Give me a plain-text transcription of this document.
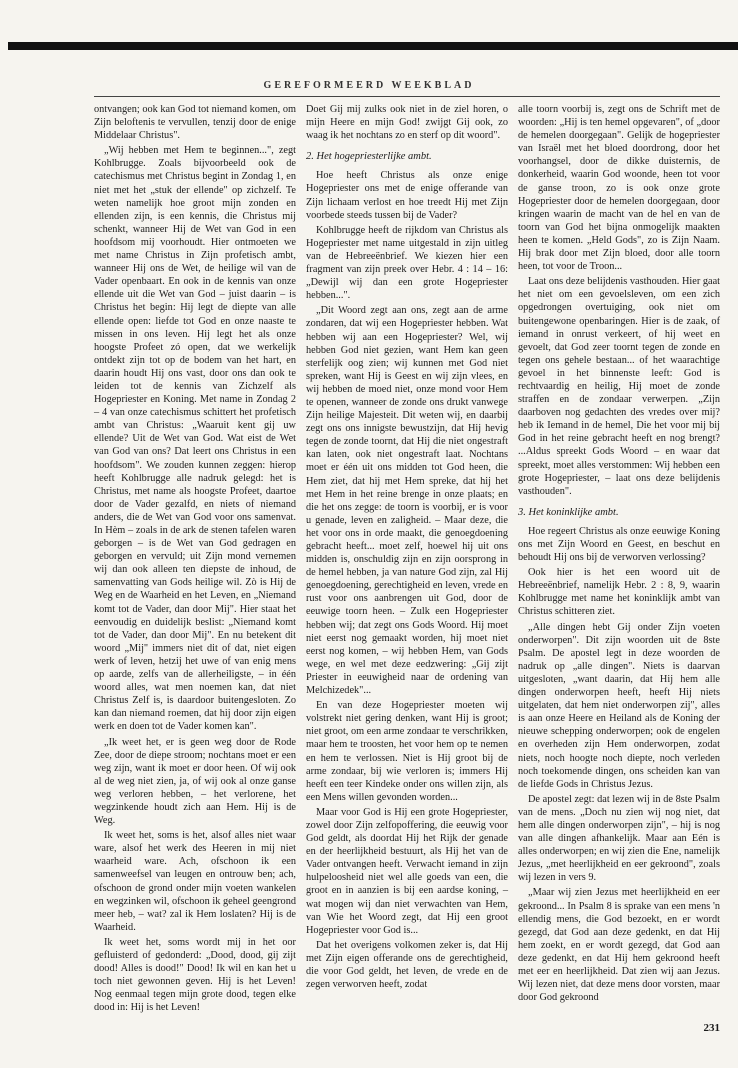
GEREFORMEERD WEEKBLAD

ontvangen; ook kan God tot niemand komen, om Zijn beloftenis te vervullen, tenzij door de enige Middelaar Christus".

„Wij hebben met Hem te beginnen...", zegt Kohlbrugge. Zoals bijvoorbeeld ook de catechismus met Christus begint in Zondag 1, en niet met het „stuk der ellende" op zichzelf. Te weten namelijk hoe groot mijn zonden en ellenden zijn, is een kennis, die Christus mij schenkt, wanneer Hij de Wet van God in een hoofdsom mij voorhoudt. Hier ontmoeten we met name Christus in Zijn profetisch ambt, wanneer Hij ons de Wet, de heilige wil van de Vader openbaart. En ook in de kennis van onze ellende uit die Wet van God – juist daarin – is Christus het begin: Hij legt de diepte van alle ellende open: liefde tot God en onze naaste te missen in ons leven. Hij legt het als onze hoogste Profeet zó open, dat we werkelijk ontdekt zijn tot op de bodem van het hart, en daarin houdt Hij ons vast, door ons dan ook te leiden tot de kennis van Zichzelf als Hogepriester en Koning. Met name in Zondag 2 – 4 van onze catechismus schittert het profetisch ambt van Christus: „Waaruit kent gij uw ellende? Uit de Wet van God. Wat eist de Wet van God van ons? Dat leert ons Christus in een hoofdsom". We zouden kunnen zeggen: hierop heeft Kohlbrugge alle nadruk gelegd: het is Christus, met name als hoogste Profeet, daartoe door de Vader gezalfd, en niets of niemand anders, die de Wet van God voor ons samenvat. In Hèm – zoals in de ark de stenen tafelen waren geborgen – is de Wet van God gedragen en geborgen en vervuld; uit Zijn mond vernemen wij dan ook alleen ten diepste de inhoud, de samenvatting van Gods heilige wil. Zò is Hij de Weg en de Waarheid en het Leven, en „Niemand komt tot de Vader, dan door Mij". Hier staat het eenvoudig en duidelijk beslist: „Niemand komt tot de Vader, dan door Mij". En nu betekent dit woord „Mij" immers niet dit of dat, niet eigen werk of leven, hetzij het uwe of van enig mens op aarde, zelfs van de allerheiligste, – in één woord alles, wat men noemen kan, dat niet Christus Zelf is, is daardoor buitengesloten. Zo kan dan niemand roemen, dat hij door zijn eigen werk en doen tot de Vader komen kan".

„Ik weet het, er is geen weg door de Rode Zee, door de diepe stroom; nochtans moet er een weg zijn, want ik moet er door heen. Of wij ook al de weg niet zien, ja, of wij ook al onze ganse weg verloren hebben, – het verlorene, het wegzinkende houdt zich aan Hem. Hij is de Weg.

Ik weet het, soms is het, alsof alles niet waar ware, alsof het werk des Heeren in mij niet waarheid ware. Ach, ofschoon ik een samenweefsel van leugen en ontrouw ben; ach, ofschoon de grond onder mijn voeten wankelen en wegzinken wil, ofschoon ik geheel geengrond meer heb, – wat? zal ik Hem loslaten? Hij is de Waarheid.

Ik weet het, soms wordt mij in het oor gefluisterd of gedonderd: „Dood, dood, gij zijt dood! Alles is dood!" Dood! Ik wil en kan het u toch niet gewonnen geven. Hij is het Leven! Nog eenmaal tegen mijn grote dood, tegen elke dood in: Hij is het Leven!

Doet Gij mij zulks ook niet in de ziel horen, o mijn Heere en mijn God! zwijgt Gij ook, zo waag ik het nochtans zo en sterf op dit woord".

2. Het hogepriesterlijke ambt.

Hoe heeft Christus als onze enige Hogepriester ons met de enige offerande van Zijn lichaam verlost en hoe treedt Hij met Zijn voorbede steeds tussen bij de Vader?

Kohlbrugge heeft de rijkdom van Christus als Hogepriester met name uitgestald in zijn uitleg van de Hebreeënbrief. We kiezen hier een fragment van zijn preek over Hebr. 4 : 14 – 16: „Dewijl wij dan een grote Hogepriester hebben...".

„Dit Woord zegt aan ons, zegt aan de arme zondaren, dat wij een Hogepriester hebben. Wat hebben wij aan een Hogepriester? Wel, wij hebben God niet gezien, want Hem kan geen sterfelijk oog zien; wij kunnen met God niet spreken, want Hij is Geest en wij zijn vlees, en wij hebben de moed niet, onze mond voor Hem te openen, wanneer de zonde ons drukt vanwege Zijn heilige Majesteit. Dit weten wij, en daarbij zegt ons ons innigste bewustzijn, dat Hij hevig tegen de zonde toornt, dat Hij die niet ongestraft kan laten, ook niet ongestraft laat. Nochtans moet er één uit ons midden tot God heen, die Hem ziet, dat hij met Hem spreke, dat hij het met Hem in het reine brenge in onze plaats; en die het ons zegge: de toorn is voorbij, er is voor u genade, leven en zaligheid. – Maar deze, die het voor ons in orde maakt, die genoegdoening gebracht heeft... moet zelf, hoewel hij uit ons midden is, onschuldig zijn en zijn oorsprong in de hemel hebben, ja van nature God zijn, zal Hij genoegdoening, gerechtigheid en leven, vrede en rust voor ons aanbrengen uit God, door de eeuwige toorn heen. – Zulk een Hogepriester hebben wij; dat zegt ons Gods Woord. Hij moet niet eerst nog gemaakt worden, hij moet niet eerst nog komen, – wij hebben Hem, van Gods wege, en wel met deze eedzwering: „Gij zijt Priester in eeuwigheid naar de ordening van Melchizedek"...

En van deze Hogepriester moeten wij volstrekt niet gering denken, want Hij is groot; niet groot, om een arme zondaar te verschrikken, maar hem te troosten, het voor hem op te nemen en hem te verlossen. Niet is Hij groot bij de arme zondaar, bij wie verloren is; immers Hij heeft een teer Kindeke onder ons willen zijn, als een Mens willen gevonden worden...

Maar voor God is Hij een grote Hogepriester, zowel door Zijn zelfopoffering, die eeuwig voor God geldt, als doordat Hij het Rijk der genade en der heerlijkheid bestuurt, als Hij het van de Vader ontvangen heeft. Verwacht iemand in zijn hulpeloosheid niet wel alle goeds van een, die groot en in aanzien is bij een aardse koning, – wat mogen wij dan niet verwachten van Hem, van Wie het Woord zegt, dat Hij een groot Hogepriester voor God is...

Dat het overigens volkomen zeker is, dat Hij met Zijn eigen offerande ons de gerechtigheid, die voor God geldt, het leven, de vrede en de zegen verworven heeft, zodat

alle toorn voorbij is, zegt ons de Schrift met de woorden: „Hij is ten hemel opgevaren", of „door de hemelen doorgegaan". Gelijk de hogepriester van Israël met het bloed doordrong, door het voorhangsel, door de dikke duisternis, de donkerheid, waarin God woonde, heen tot voor de ganse troon, zo is ook onze grote Hogepriester door de hemelen doorgegaan, door kringen waarin de macht van de hel en van de toorn van God het bijna onmogelijk maakten heen te komen. „Held Gods", zo is Zijn Naam. Hij brak door met Zijn bloed, door alle toorn heen, tot voor de Troon...

Laat ons deze belijdenis vasthouden. Hier gaat het niet om een gevoelsleven, om een zich opgedrongen overtuiging, ook niet om buitengewone openbaringen. Hier is de zaak, of iemand in onrust verkeert, of hij weet en gevoelt, dat God zeer toornt tegen de zonde en tegen ons gehele bestaan... of het waarachtige gevoel in het binnenste leeft: God is rechtvaardig en heilig, Hij moet de zonde straffen en de zondaar verwerpen. „Zijn daarboven nog gedachten des vredes over mij? heb ik Iemand in de hemel, Die het voor mij bij God in het reine gebracht heeft en nog brengt? ...Aldus spreekt Gods Woord – en waar dat spreekt, moet alles verstommen: Wij hebben een grote Hogepriester, – laat ons deze belijdenis vasthouden".

3. Het koninklijke ambt.

Hoe regeert Christus als onze eeuwige Koning ons met Zijn Woord en Geest, en beschut en behoudt Hij ons bij de verworven verlossing?

Ook hier is het een woord uit de Hebreeënbrief, namelijk Hebr. 2 : 8, 9, waarin Kohlbrugge met name het koninklijk ambt van Christus schitteren ziet.

„Alle dingen hebt Gij onder Zijn voeten onderworpen". Dit zijn woorden uit de 8ste Psalm. De apostel legt in deze woorden de nadruk op „alle dingen". Niets is daarvan uitgesloten, „want daarin, dat Hij hem alle dingen onderworpen heeft, heeft Hij niets uitgelaten, dat hem niet onderworpen zij", alles is aan onze Heere en Heiland als de Koning der nieuwe schepping onderworpen; ook de engelen en overheden zijn Hem onderworpen, zodat niets, noch hoogte noch diepte, noch verleden noch toekomende dingen, ons scheiden kan van de liefde Gods in Christus Jezus.

De apostel zegt: dat lezen wij in de 8ste Psalm van de mens. „Doch nu zien wij nog niet, dat hem alle dingen onderworpen zijn", – hij is nog van alle dingen afhankelijk. Maar aan Eén is alles onderworpen; en wij zien die Ene, namelijk Jezus, „met heerlijkheid en eer gekroond", zoals wij lezen in vers 9.

„Maar wij zien Jezus met heerlijkheid en eer gekroond... In Psalm 8 is sprake van een mens 'n ellendig mens, die God bezoekt, en er wordt gezegd, dat God aan deze gedenkt, en dat Hij hem zoekt, en er wordt gezegd, dat God aan deze gedenkt, en dat Hij hem gekroond heeft met eer en heerlijkheid. Dat zien wij aan Jezus. Wij lezen niet, dat deze mens door vorsten, maar door God gekroond

231
